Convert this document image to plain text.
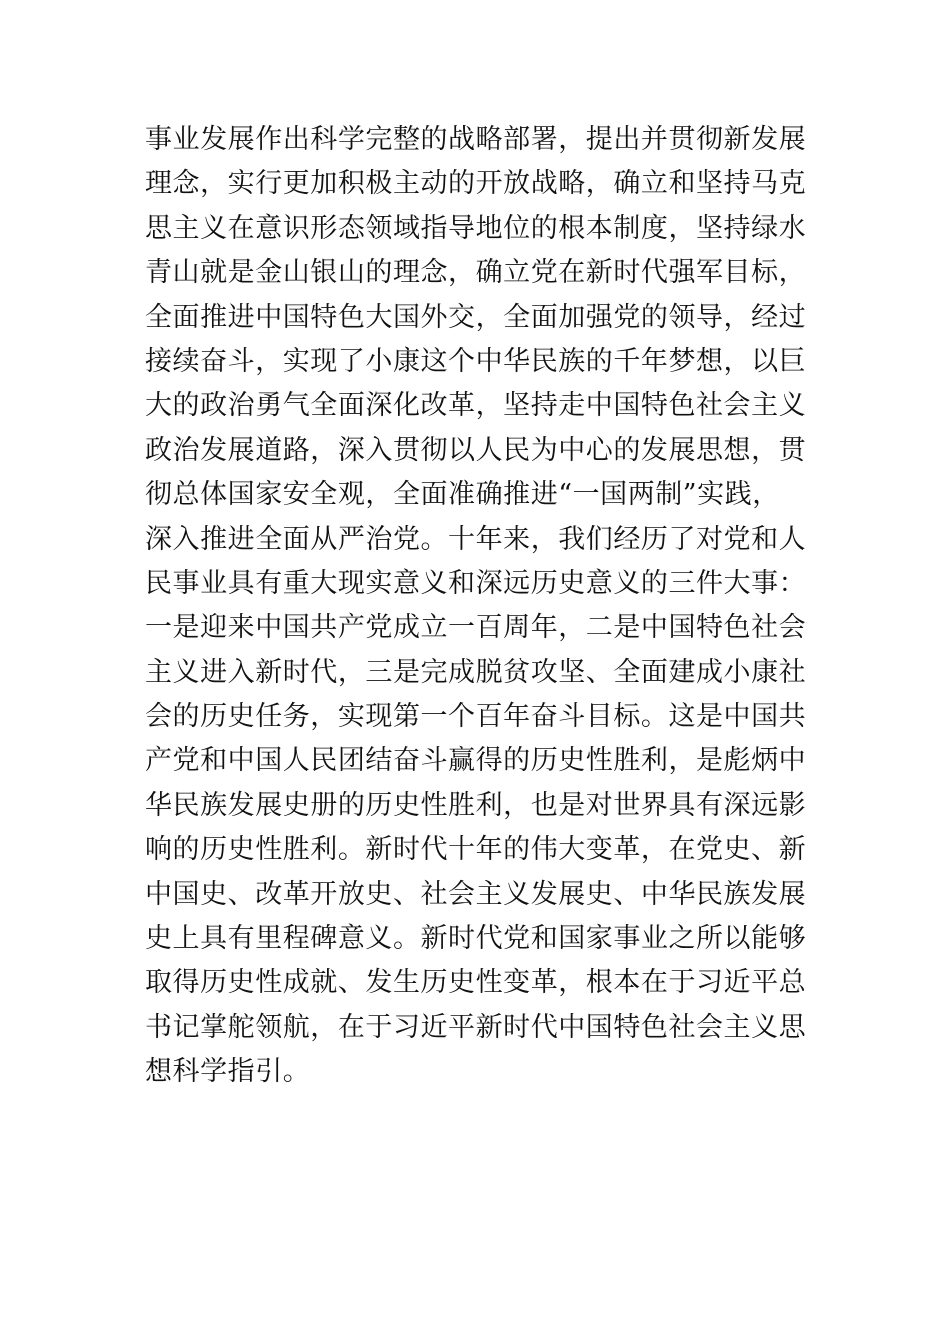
事业发展作出科学完整的战略部署，提出并贯彻新发展
理念，实行更加积极主动的开放战略，确立和坚持马克
思主义在意识形态领域指导地位的根本制度，坚持绿水
青山就是金山银山的理念，确立党在新时代强军目标，
全面推进中国特色大国外交，全面加强党的领导，经过
接续奋斗，实现了小康这个中华民族的千年梦想，以巨
大的政治勇气全面深化改革，坚持走中国特色社会主义
政治发展道路，深入贯彻以人民为中心的发展思想，贯
彻总体国家安全观，全面准确推进“一国两制”实践，
深入推进全面从严治党。十年来，我们经历了对党和人
民事业具有重大现实意义和深远历史意义的三件大事：
一是迎来中国共产党成立一百周年，二是中国特色社会
主义进入新时代，三是完成脱贫攻坚、全面建成小康社
会的历史任务，实现第一个百年奋斗目标。这是中国共
产党和中国人民团结奋斗赢得的历史性胜利，是彪炳中
华民族发展史册的历史性胜利，也是对世界具有深远影
响的历史性胜利。新时代十年的伟大变革，在党史、新
中国史、改革开放史、社会主义发展史、中华民族发展
史上具有里程碑意义。新时代党和国家事业之所以能够
取得历史性成就、发生历史性变革，根本在于习近平总
书记掌舵领航，在于习近平新时代中国特色社会主义思
想科学指引。
